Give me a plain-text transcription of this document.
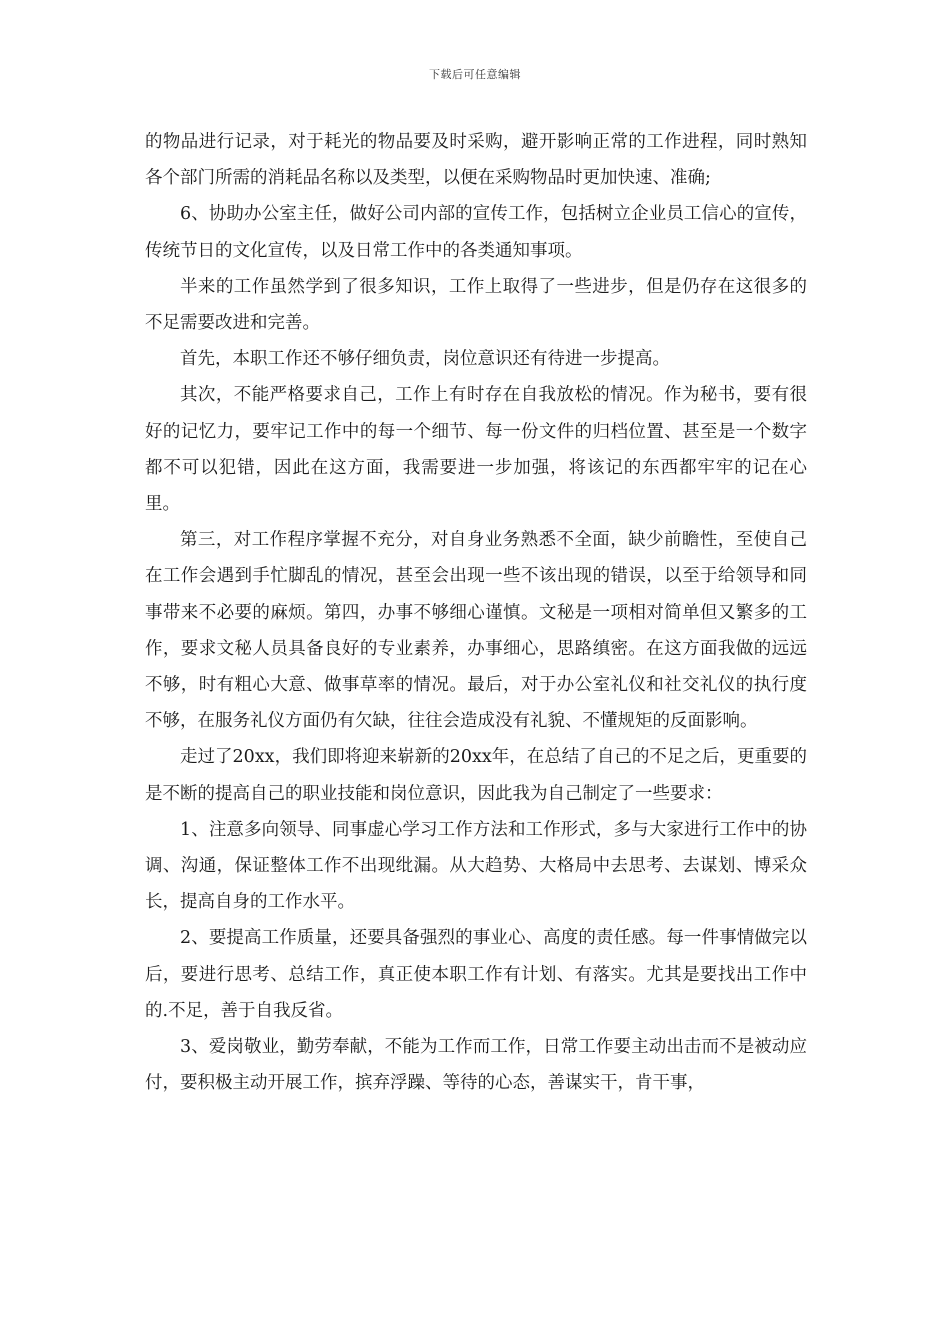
下载后可任意编辑

的物品进行记录，对于耗光的物品要及时采购，避开影响正常的工作进程，同时熟知各个部门所需的消耗品名称以及类型，以便在采购物品时更加快速、准确;

6、协助办公室主任，做好公司内部的宣传工作，包括树立企业员工信心的宣传，传统节日的文化宣传，以及日常工作中的各类通知事项。

半来的工作虽然学到了很多知识，工作上取得了一些进步，但是仍存在这很多的不足需要改进和完善。

首先，本职工作还不够仔细负责，岗位意识还有待进一步提高。

其次，不能严格要求自己，工作上有时存在自我放松的情况。作为秘书，要有很好的记忆力，要牢记工作中的每一个细节、每一份文件的归档位置、甚至是一个数字都不可以犯错，因此在这方面，我需要进一步加强，将该记的东西都牢牢的记在心里。

第三，对工作程序掌握不充分，对自身业务熟悉不全面，缺少前瞻性，至使自己在工作会遇到手忙脚乱的情况，甚至会出现一些不该出现的错误，以至于给领导和同事带来不必要的麻烦。第四，办事不够细心谨慎。文秘是一项相对简单但又繁多的工作，要求文秘人员具备良好的专业素养，办事细心，思路缜密。在这方面我做的远远不够，时有粗心大意、做事草率的情况。最后，对于办公室礼仪和社交礼仪的执行度不够，在服务礼仪方面仍有欠缺，往往会造成没有礼貌、不懂规矩的反面影响。

走过了20xx，我们即将迎来崭新的20xx年，在总结了自己的不足之后，更重要的是不断的提高自己的职业技能和岗位意识，因此我为自己制定了一些要求：

1、注意多向领导、同事虚心学习工作方法和工作形式，多与大家进行工作中的协调、沟通，保证整体工作不出现纰漏。从大趋势、大格局中去思考、去谋划、博采众长，提高自身的工作水平。

2、要提高工作质量，还要具备强烈的事业心、高度的责任感。每一件事情做完以后，要进行思考、总结工作，真正使本职工作有计划、有落实。尤其是要找出工作中的.不足，善于自我反省。

3、爱岗敬业，勤劳奉献，不能为工作而工作，日常工作要主动出击而不是被动应付，要积极主动开展工作，摈弃浮躁、等待的心态，善谋实干，肯干事，
